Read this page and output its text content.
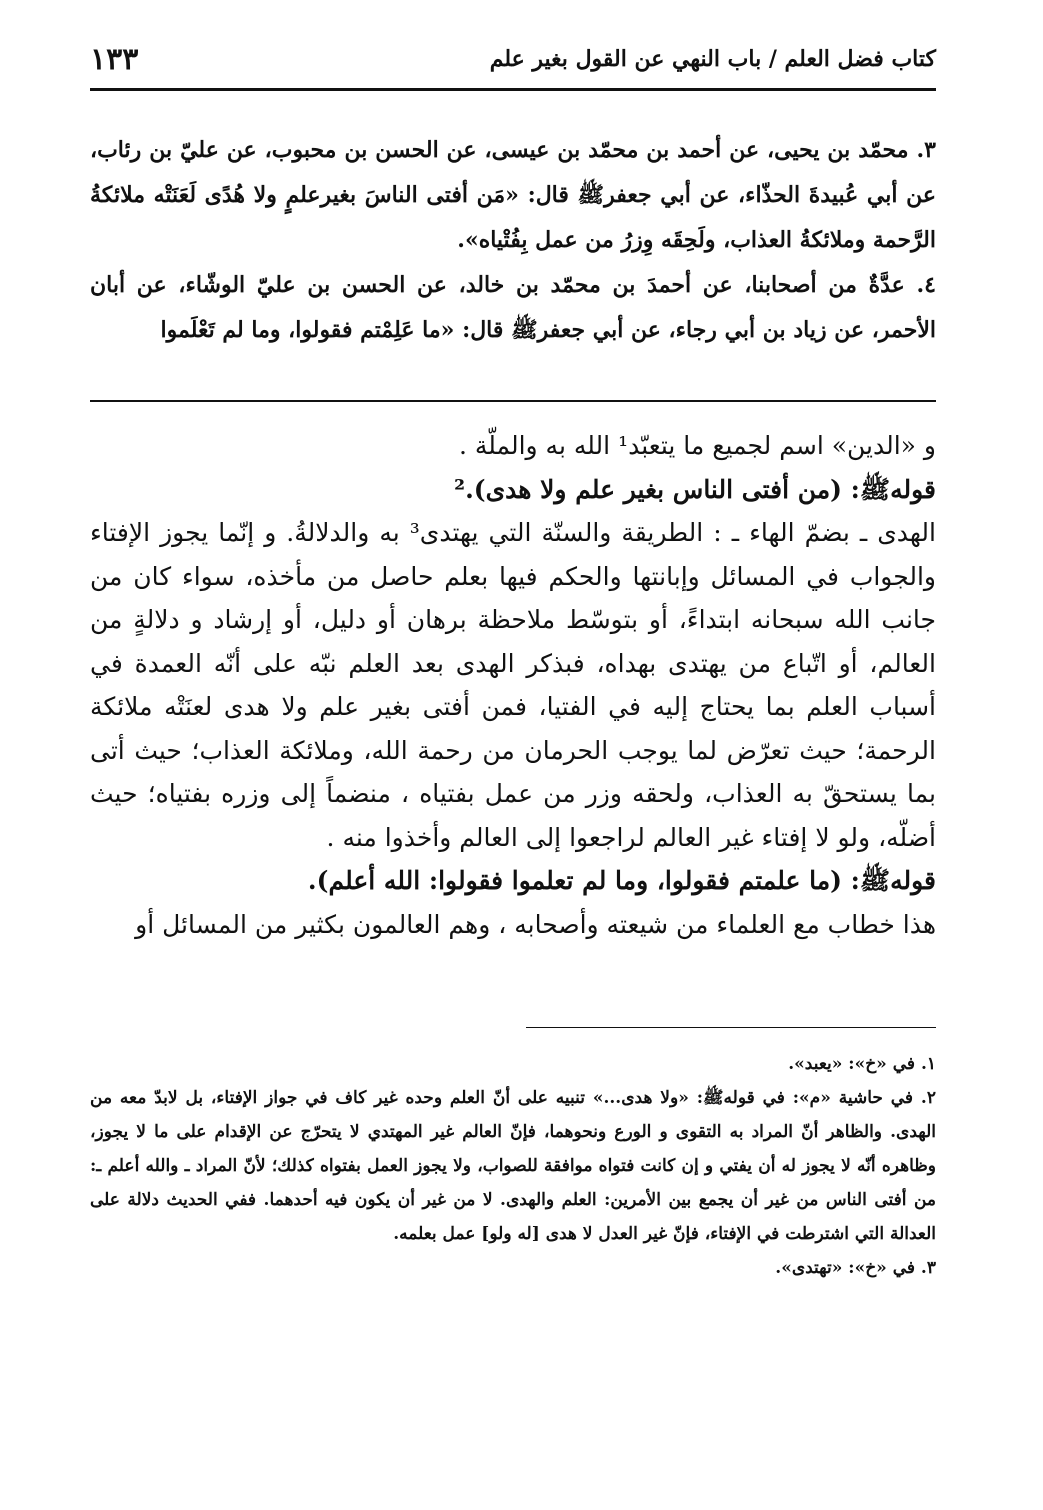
كتاب فضل العلم / باب النهي عن القول بغير علم
١٣٣

٣. محمّد بن يحيى، عن أحمد بن محمّد بن عيسى، عن الحسن بن محبوب، عن عليّ بن رئاب، عن أبي عُبيدةَ الحذّاء، عن أبي جعفرﷺ قال: «مَن أفتى الناسَ بغيرعلمٍ ولا هُدًى لَعَنَتْه ملائكةُ الرَّحمة وملائكةُ العذاب، ولَحِقَه وِزرُ من عمل بِفُتْياه».

٤. عدَّةٌ من أصحابنا، عن أحمدَ بن محمّد بن خالد، عن الحسن بن عليّ الوشّاء، عن أبان الأحمر، عن زياد بن أبي رجاء، عن أبي جعفرﷺ قال: «ما عَلِمْتم فقولوا، وما لم تَعْلَموا

و «الدين» اسم لجميع ما يتعبّد¹ الله به والملّة .

قولهﷺ: (من أفتى الناس بغير علم ولا هدى).²

الهدى ـ بضمّ الهاء ـ : الطريقة والسنّة التي يهتدى³ به والدلالةُ. و إنّما يجوز الإفتاء والجواب في المسائل وإبانتها والحكم فيها بعلم حاصل من مأخذه، سواء كان من جانب الله سبحانه ابتداءً، أو بتوسّط ملاحظة برهان أو دليل، أو إرشاد و دلالةٍ من العالم، أو اتّباع من يهتدى بهداه، فبذكر الهدى بعد العلم نبّه على أنّه العمدة في أسباب العلم بما يحتاج إليه في الفتيا، فمن أفتى بغير علم ولا هدى لعنَتْه ملائكة الرحمة؛ حيث تعرّض لما يوجب الحرمان من رحمة الله، وملائكة العذاب؛ حيث أتى بما يستحقّ به العذاب، ولحقه وزر من عمل بفتياه ، منضماً إلى وزره بفتياه؛ حيث أضلّه، ولو لا إفتاء غير العالم لراجعوا إلى العالم وأخذوا منه .

قولهﷺ: (ما علمتم فقولوا، وما لم تعلموا فقولوا: الله أعلم).

هذا خطاب مع العلماء من شيعته وأصحابه ، وهم العالمون بكثير من المسائل أو

١. في «خ»: «يعبد».

٢. في حاشية «م»: في قولهﷺ: «ولا هدى...» تنبيه على أنّ العلم وحده غير كاف في جواز الإفتاء، بل لابدّ معه من الهدى. والظاهر أنّ المراد به التقوى و الورع ونحوهما، فإنّ العالم غير المهتدي لا يتحرّج عن الإقدام على ما لا يجوز، وظاهره أنّه لا يجوز له أن يفتي و إن كانت فتواه موافقة للصواب، ولا يجوز العمل بفتواه كذلك؛ لأنّ المراد ـ والله أعلم ـ: من أفتى الناس من غير أن يجمع بين الأمرين: العلم والهدى. لا من غير أن يكون فيه أحدهما. ففي الحديث دلالة على العدالة التي اشترطت في الإفتاء، فإنّ غير العدل لا هدى [له ولو] عمل بعلمه.

٣. في «خ»: «تهتدى».
